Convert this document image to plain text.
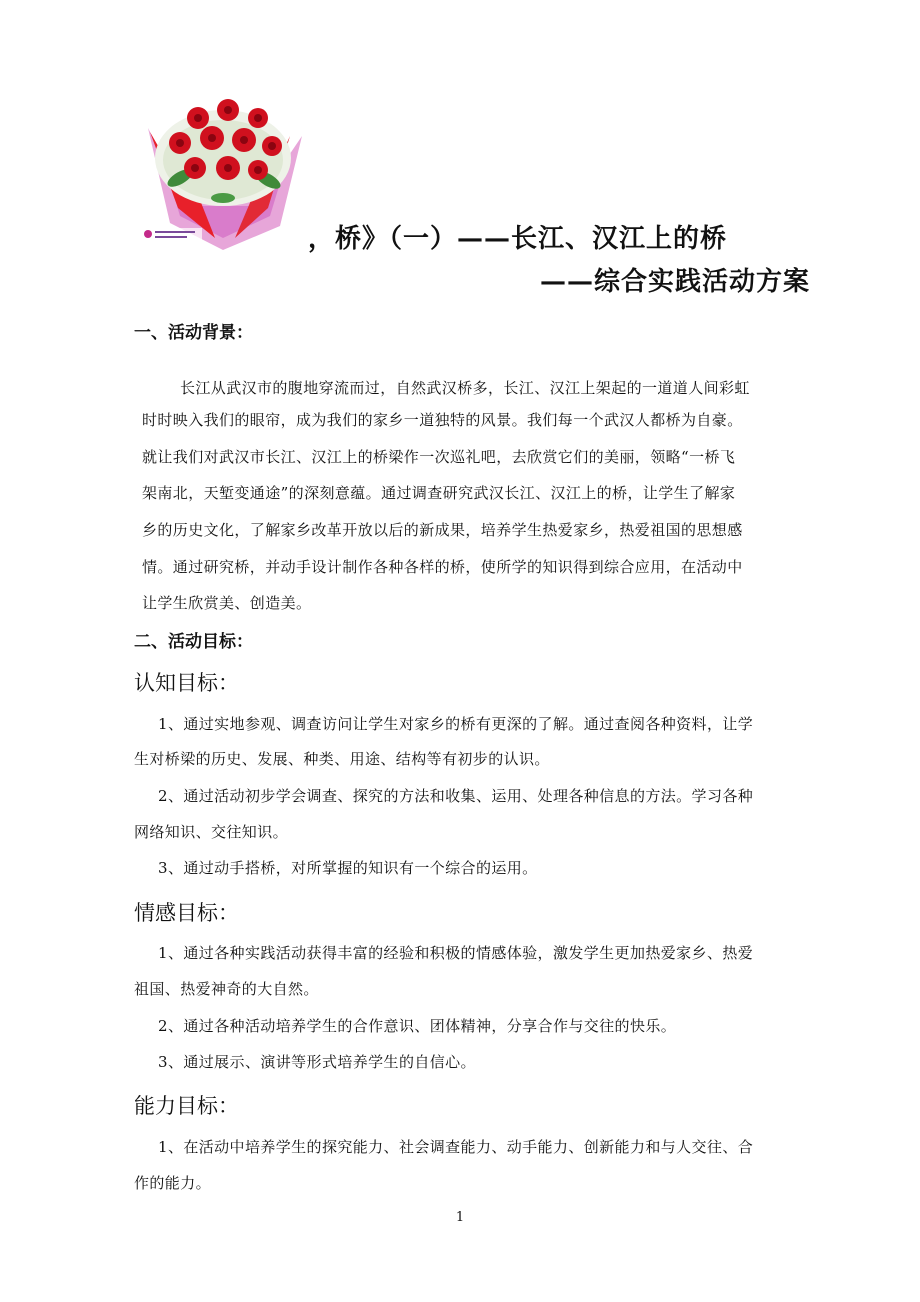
，桥》（一）——长江、汉江上的桥
——综合实践活动方案
一、活动背景：
长江从武汉市的腹地穿流而过，自然武汉桥多，长江、汉江上架起的一道道人间彩虹
时时映入我们的眼帘，成为我们的家乡一道独特的风景。我们每一个武汉人都桥为自豪。
就让我们对武汉市长江、汉江上的桥梁作一次巡礼吧，去欣赏它们的美丽，领略“一桥飞
架南北，天堑变通途”的深刻意蕴。通过调查研究武汉长江、汉江上的桥，让学生了解家
乡的历史文化，了解家乡改革开放以后的新成果，培养学生热爱家乡，热爱祖国的思想感
情。通过研究桥，并动手设计制作各种各样的桥，使所学的知识得到综合应用，在活动中
让学生欣赏美、创造美。
二、活动目标：
认知目标：
1、通过实地参观、调查访问让学生对家乡的桥有更深的了解。通过查阅各种资料，让学
生对桥梁的历史、发展、种类、用途、结构等有初步的认识。
2、通过活动初步学会调查、探究的方法和收集、运用、处理各种信息的方法。学习各种
网络知识、交往知识。
3、通过动手搭桥，对所掌握的知识有一个综合的运用。
情感目标：
1、通过各种实践活动获得丰富的经验和积极的情感体验，激发学生更加热爱家乡、热爱
祖国、热爱神奇的大自然。
2、通过各种活动培养学生的合作意识、团体精神，分享合作与交往的快乐。
3、通过展示、演讲等形式培养学生的自信心。
能力目标：
1、在活动中培养学生的探究能力、社会调查能力、动手能力、创新能力和与人交往、合
作的能力。
1
